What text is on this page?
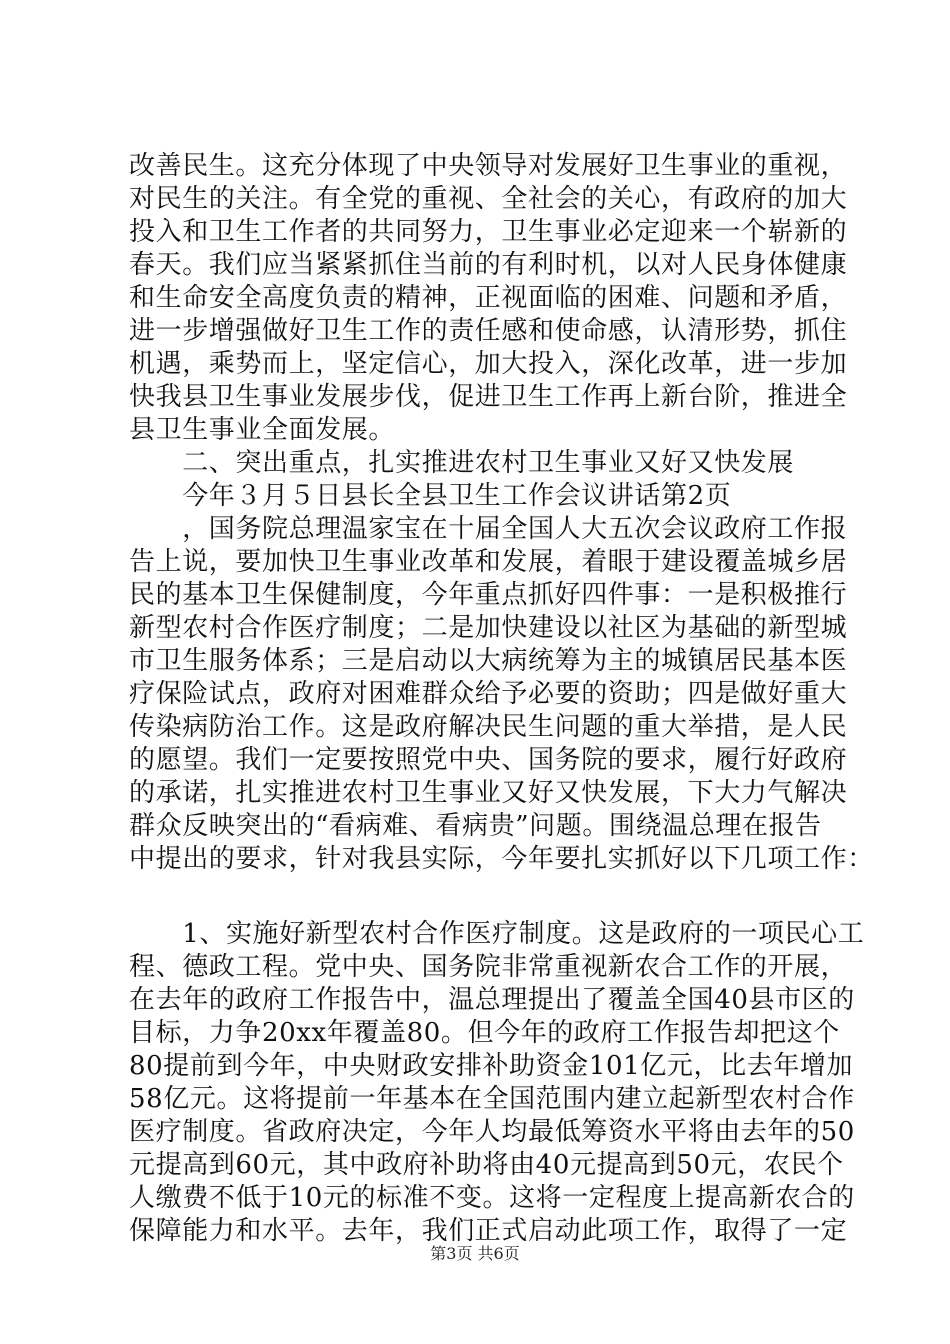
改善民生。这充分体现了中央领导对发展好卫生事业的重视，
对民生的关注。有全党的重视、全社会的关心，有政府的加大
投入和卫生工作者的共同努力，卫生事业必定迎来一个崭新的
春天。我们应当紧紧抓住当前的有利时机，以对人民身体健康
和生命安全高度负责的精神，正视面临的困难、问题和矛盾，
进一步增强做好卫生工作的责任感和使命感，认清形势，抓住
机遇，乘势而上，坚定信心，加大投入，深化改革，进一步加
快我县卫生事业发展步伐，促进卫生工作再上新台阶，推进全
县卫生事业全面发展。
　　二、突出重点，扎实推进农村卫生事业又好又快发展
　　今年３月５日县长全县卫生工作会议讲话第2页
　　，国务院总理温家宝在十届全国人大五次会议政府工作报
告上说，要加快卫生事业改革和发展，着眼于建设覆盖城乡居
民的基本卫生保健制度，今年重点抓好四件事：一是积极推行
新型农村合作医疗制度；二是加快建设以社区为基础的新型城
市卫生服务体系；三是启动以大病统筹为主的城镇居民基本医
疗保险试点，政府对困难群众给予必要的资助；四是做好重大
传染病防治工作。这是政府解决民生问题的重大举措，是人民
的愿望。我们一定要按照党中央、国务院的要求，履行好政府
的承诺，扎实推进农村卫生事业又好又快发展，下大力气解决
群众反映突出的“看病难、看病贵”问题。围绕温总理在报告
中提出的要求，针对我县实际，今年要扎实抓好以下几项工作：
　　1、实施好新型农村合作医疗制度。这是政府的一项民心工
程、德政工程。党中央、国务院非常重视新农合工作的开展，
在去年的政府工作报告中，温总理提出了覆盖全国40县市区的
目标，力争20xx年覆盖80。但今年的政府工作报告却把这个
80提前到今年，中央财政安排补助资金101亿元，比去年增加
58亿元。这将提前一年基本在全国范围内建立起新型农村合作
医疗制度。省政府决定，今年人均最低筹资水平将由去年的50
元提高到60元，其中政府补助将由40元提高到50元，农民个
人缴费不低于10元的标准不变。这将一定程度上提高新农合的
保障能力和水平。去年，我们正式启动此项工作，取得了一定
第3页 共6页
